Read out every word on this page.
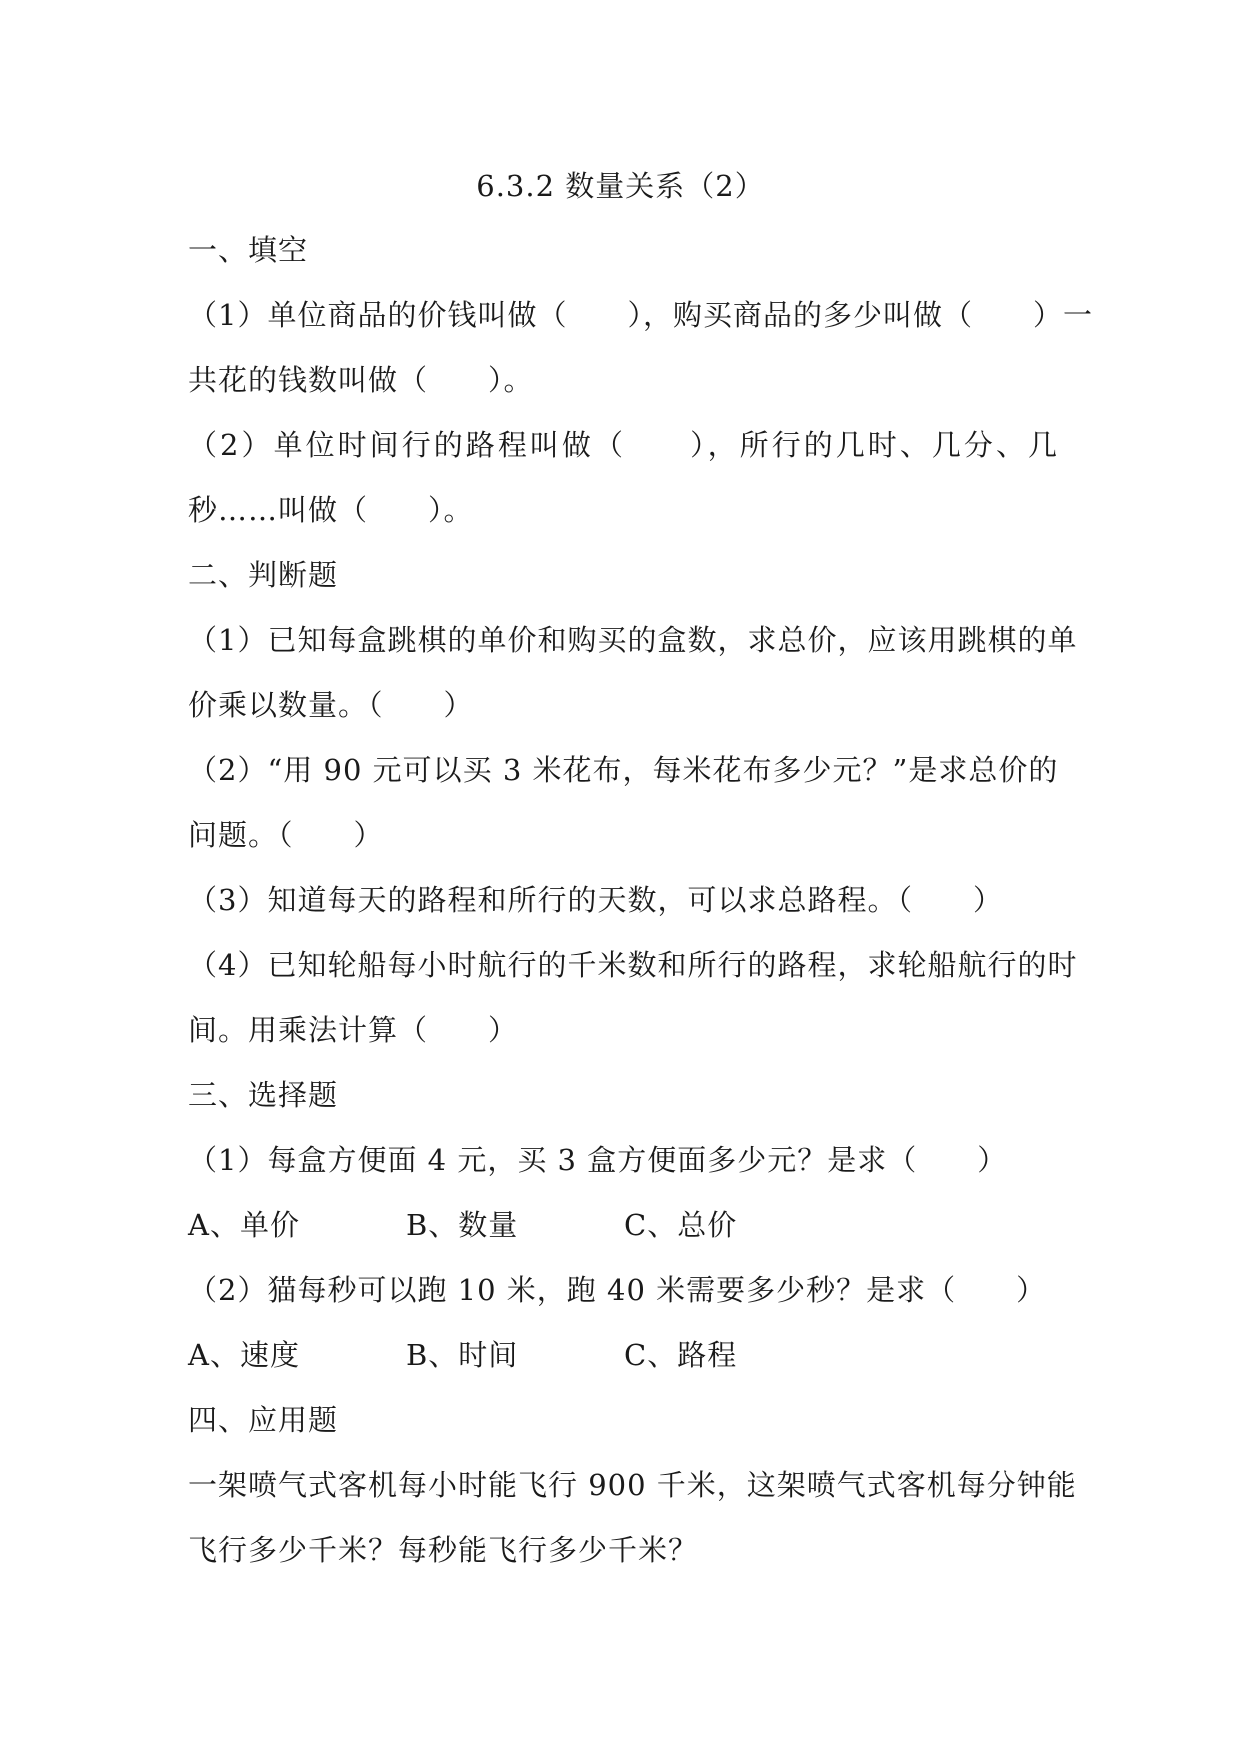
6.3.2 数量关系（2）
一、填空
（1）单位商品的价钱叫做（　　），购买商品的多少叫做（　　）一
共花的钱数叫做（　　）。
（2）单位时间行的路程叫做（　　），所行的几时、几分、几
秒……叫做（　　）。
二、判断题
（1）已知每盒跳棋的单价和购买的盒数，求总价，应该用跳棋的单
价乘以数量。（　　）
（2）“用 90 元可以买 3 米花布，每米花布多少元？”是求总价的
问题。（　　）
（3）知道每天的路程和所行的天数，可以求总路程。（　　）
（4）已知轮船每小时航行的千米数和所行的路程，求轮船航行的时
间。用乘法计算（　　）
三、选择题
（1）每盒方便面 4 元，买 3 盒方便面多少元？是求（　　）
A、单价	B、数量	C、总价
（2）猫每秒可以跑 10 米，跑 40 米需要多少秒？是求（　　）
A、速度	B、时间	C、路程
四、应用题
一架喷气式客机每小时能飞行 900 千米，这架喷气式客机每分钟能
飞行多少千米？每秒能飞行多少千米？
